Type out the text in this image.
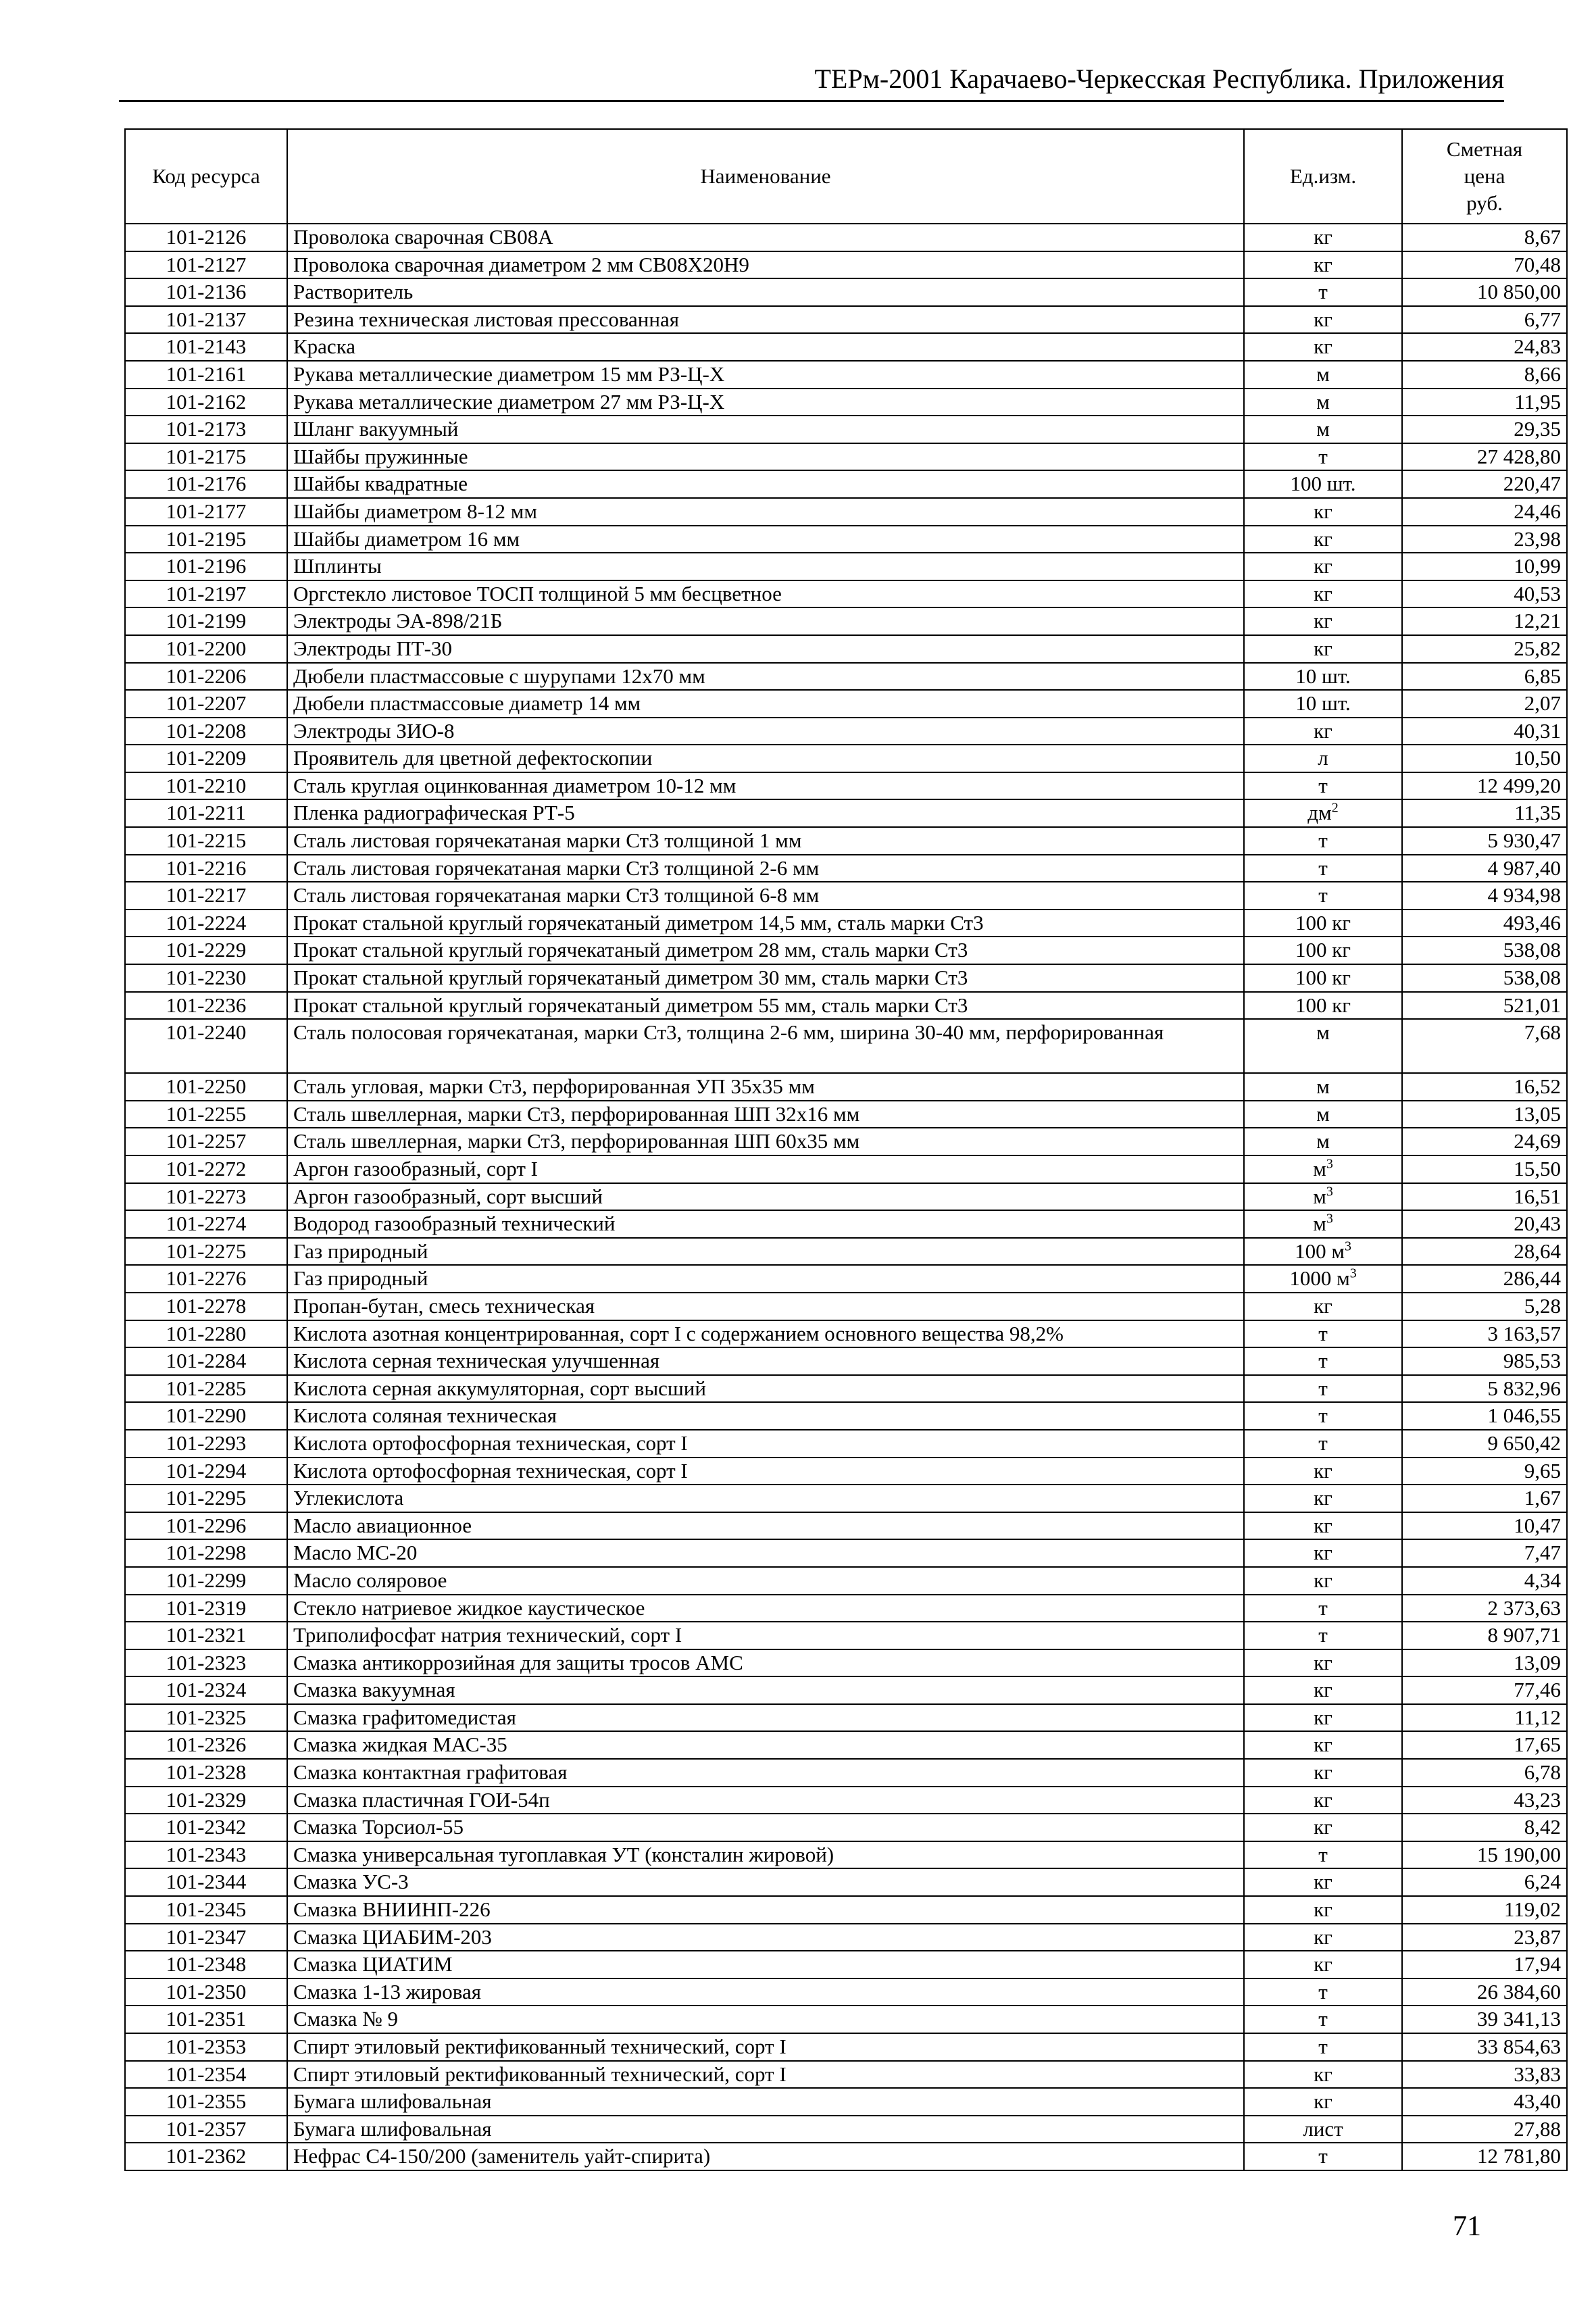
ТЕРм-2001 Карачаево-Черкесская Республика. Приложения
Код ресурса	Наименование	Ед.изм.	Сметная
цена
руб.

101-2126	Проволока сварочная СВ08А	кг	8,67
101-2127	Проволока сварочная диаметром 2 мм СВ08Х20Н9	кг	70,48
101-2136	Растворитель	т	10 850,00
101-2137	Резина техническая листовая прессованная	кг	6,77
101-2143	Краска	кг	24,83
101-2161	Рукава металлические диаметром 15 мм РЗ-Ц-Х	м	8,66
101-2162	Рукава металлические диаметром 27 мм РЗ-Ц-Х	м	11,95
101-2173	Шланг вакуумный	м	29,35
101-2175	Шайбы пружинные	т	27 428,80
101-2176	Шайбы квадратные	100 шт.	220,47
101-2177	Шайбы диаметром 8-12 мм	кг	24,46
101-2195	Шайбы диаметром 16 мм	кг	23,98
101-2196	Шплинты	кг	10,99
101-2197	Оргстекло листовое ТОСП толщиной 5 мм бесцветное	кг	40,53
101-2199	Электроды ЭА-898/21Б	кг	12,21
101-2200	Электроды ПТ-30	кг	25,82
101-2206	Дюбели пластмассовые с шурупами 12х70 мм	10 шт.	6,85
101-2207	Дюбели пластмассовые диаметр 14 мм	10 шт.	2,07
101-2208	Электроды ЗИО-8	кг	40,31
101-2209	Проявитель для цветной дефектоскопии	л	10,50
101-2210	Сталь круглая оцинкованная диаметром 10-12 мм	т	12 499,20
101-2211	Пленка радиографическая РТ-5	$дм^2$	11,35
101-2215	Сталь листовая горячекатаная марки Ст3 толщиной 1 мм	т	5 930,47
101-2216	Сталь листовая горячекатаная марки Ст3 толщиной 2-6 мм	т	4 987,40
101-2217	Сталь листовая горячекатаная марки Ст3 толщиной 6-8 мм	т	4 934,98
101-2224	Прокат стальной круглый горячекатаный диметром 14,5 мм, сталь марки Ст3	100 кг	493,46
101-2229	Прокат стальной круглый горячекатаный диметром 28 мм, сталь марки Ст3	100 кг	538,08
101-2230	Прокат стальной круглый горячекатаный диметром 30 мм, сталь марки Ст3	100 кг	538,08
101-2236	Прокат стальной круглый горячекатаный диметром 55 мм, сталь марки Ст3	100 кг	521,01
101-2240	Сталь полосовая горячекатаная, марки Ст3, толщина 2-6 мм, ширина 30-40 мм, перфорированная	м	7,68
101-2250	Сталь угловая, марки Ст3, перфорированная УП 35х35 мм	м	16,52
101-2255	Сталь швеллерная, марки Ст3, перфорированная ШП 32х16 мм	м	13,05
101-2257	Сталь швеллерная, марки Ст3, перфорированная ШП 60х35 мм	м	24,69
101-2272	Аргон газообразный, сорт I	$м^3$	15,50
101-2273	Аргон газообразный, сорт высший	$м^3$	16,51
101-2274	Водород газообразный технический	$м^3$	20,43
101-2275	Газ природный	100 $м^3$	28,64
101-2276	Газ природный	1000 $м^3$	286,44
101-2278	Пропан-бутан, смесь техническая	кг	5,28
101-2280	Кислота азотная концентрированная, сорт I с содержанием основного вещества 98,2%	т	3 163,57
101-2284	Кислота серная техническая улучшенная	т	985,53
101-2285	Кислота серная аккумуляторная, сорт высший	т	5 832,96
101-2290	Кислота соляная техническая	т	1 046,55
101-2293	Кислота ортофосфорная техническая, сорт I	т	9 650,42
101-2294	Кислота ортофосфорная техническая, сорт I	кг	9,65
101-2295	Углекислота	кг	1,67
101-2296	Масло авиационное	кг	10,47
101-2298	Масло МС-20	кг	7,47
101-2299	Масло соляровое	кг	4,34
101-2319	Стекло натриевое жидкое каустическое	т	2 373,63
101-2321	Триполифосфат натрия технический, сорт I	т	8 907,71
101-2323	Смазка антикоррозийная для защиты тросов АМС	кг	13,09
101-2324	Смазка вакуумная	кг	77,46
101-2325	Смазка графитомедистая	кг	11,12
101-2326	Смазка жидкая МАС-35	кг	17,65
101-2328	Смазка контактная графитовая	кг	6,78
101-2329	Смазка пластичная ГОИ-54п	кг	43,23
101-2342	Смазка Торсиол-55	кг	8,42
101-2343	Смазка универсальная тугоплавкая УТ (консталин жировой)	т	15 190,00
101-2344	Смазка УС-3	кг	6,24
101-2345	Смазка ВНИИНП-226	кг	119,02
101-2347	Смазка ЦИАБИМ-203	кг	23,87
101-2348	Смазка ЦИАТИМ	кг	17,94
101-2350	Смазка 1-13 жировая	т	26 384,60
101-2351	Смазка № 9	т	39 341,13
101-2353	Спирт этиловый ректификованный технический, сорт I	т	33 854,63
101-2354	Спирт этиловый ректификованный технический, сорт I	кг	33,83
101-2355	Бумага шлифовальная	кг	43,40
101-2357	Бумага шлифовальная	лист	27,88
101-2362	Нефрас С4-150/200 (заменитель уайт-спирита)	т	12 781,80
71
